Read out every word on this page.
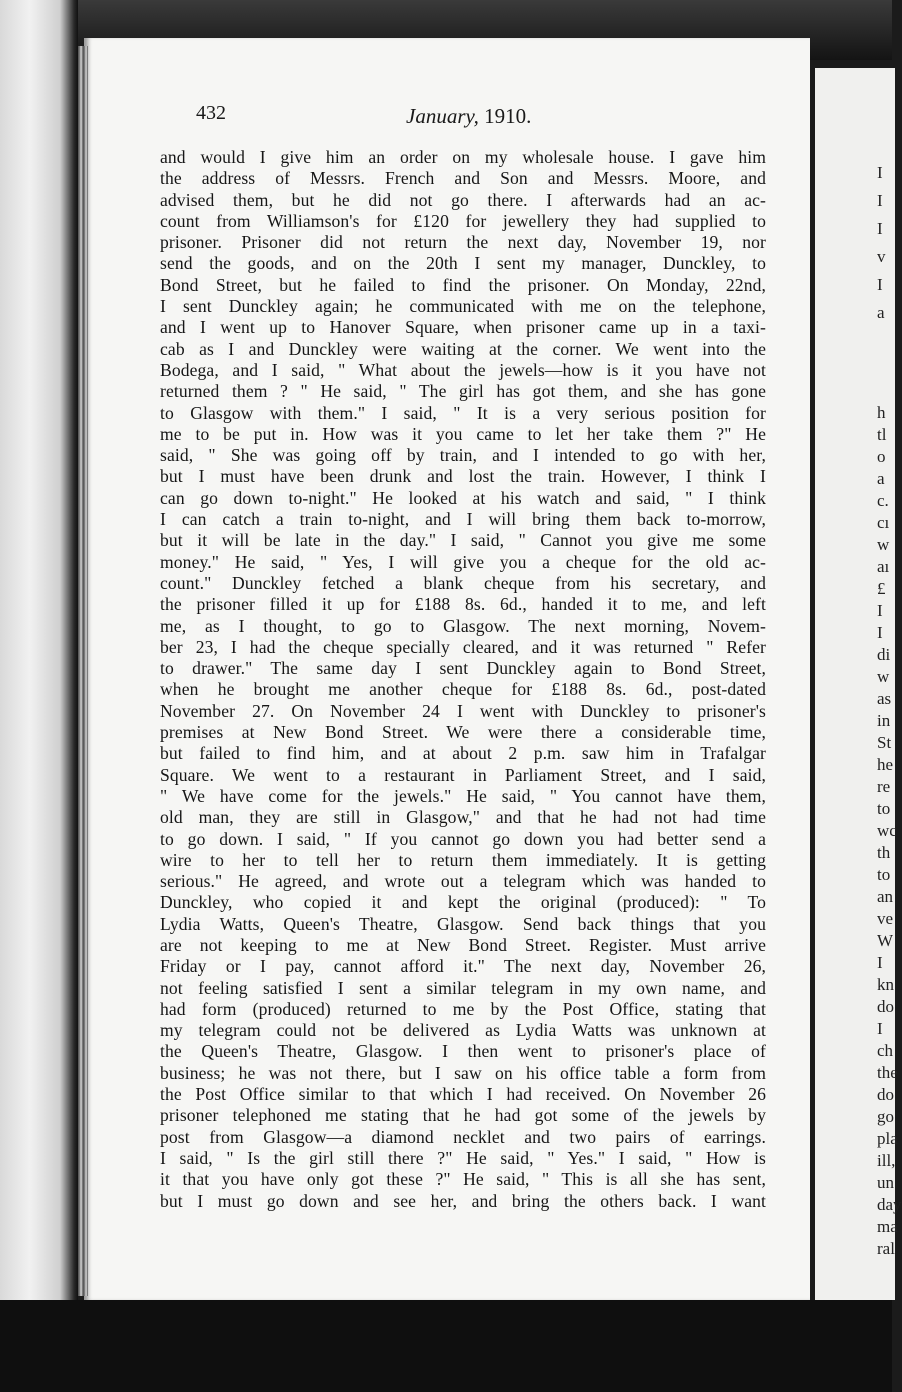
I
I
I
v
I
a
h
tl
o
a
c.
cı
w
aı
£
I
I
di
w
as
in
St
he
re
to
wc
th
to
an
ve
W
I
kn
do
I
ch
the
do
go
pla
ill,
un
day
ma
ral
432	January, 1910.
and would I give him an order on my wholesale house. I gave him
the address of Messrs. French and Son and Messrs. Moore, and
advised them, but he did not go there. I afterwards had an ac-
count from Williamson's for £120 for jewellery they had supplied to
prisoner. Prisoner did not return the next day, November 19, nor
send the goods, and on the 20th I sent my manager, Dunckley, to
Bond Street, but he failed to find the prisoner. On Monday, 22nd,
I sent Dunckley again; he communicated with me on the telephone,
and I went up to Hanover Square, when prisoner came up in a taxi-
cab as I and Dunckley were waiting at the corner. We went into the
Bodega, and I said, " What about the jewels—how is it you have not
returned them ? " He said, " The girl has got them, and she has gone
to Glasgow with them." I said, " It is a very serious position for
me to be put in. How was it you came to let her take them ?" He
said, " She was going off by train, and I intended to go with her,
but I must have been drunk and lost the train. However, I think I
can go down to-night." He looked at his watch and said, " I think
I can catch a train to-night, and I will bring them back to-morrow,
but it will be late in the day." I said, " Cannot you give me some
money." He said, " Yes, I will give you a cheque for the old ac-
count." Dunckley fetched a blank cheque from his secretary, and
the prisoner filled it up for £188 8s. 6d., handed it to me, and left
me, as I thought, to go to Glasgow. The next morning, Novem-
ber 23, I had the cheque specially cleared, and it was returned " Refer
to drawer." The same day I sent Dunckley again to Bond Street,
when he brought me another cheque for £188 8s. 6d., post-dated
November 27. On November 24 I went with Dunckley to prisoner's
premises at New Bond Street. We were there a considerable time,
but failed to find him, and at about 2 p.m. saw him in Trafalgar
Square. We went to a restaurant in Parliament Street, and I said,
" We have come for the jewels." He said, " You cannot have them,
old man, they are still in Glasgow," and that he had not had time
to go down. I said, " If you cannot go down you had better send a
wire to her to tell her to return them immediately. It is getting
serious." He agreed, and wrote out a telegram which was handed to
Dunckley, who copied it and kept the original (produced): " To
Lydia Watts, Queen's Theatre, Glasgow. Send back things that you
are not keeping to me at New Bond Street. Register. Must arrive
Friday or I pay, cannot afford it." The next day, November 26,
not feeling satisfied I sent a similar telegram in my own name, and
had form (produced) returned to me by the Post Office, stating that
my telegram could not be delivered as Lydia Watts was unknown at
the Queen's Theatre, Glasgow. I then went to prisoner's place of
business; he was not there, but I saw on his office table a form from
the Post Office similar to that which I had received. On November 26
prisoner telephoned me stating that he had got some of the jewels by
post from Glasgow—a diamond necklet and two pairs of earrings.
I said, " Is the girl still there ?" He said, " Yes." I said, " How is
it that you have only got these ?" He said, " This is all she has sent,
but I must go down and see her, and bring the others back. I want
